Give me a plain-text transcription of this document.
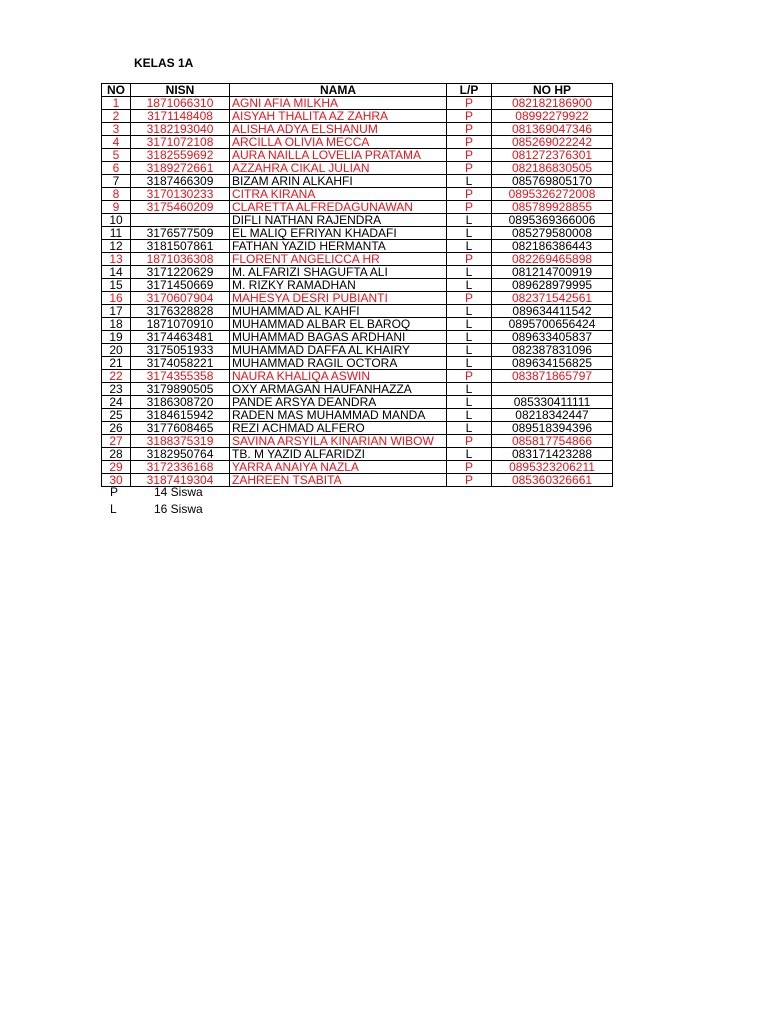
KELAS 1A
NO	NISN	NAMA	L/P	NO HP
1	1871066310	AGNI AFIA MILKHA	P	082182186900
2	3171148408	AISYAH THALITA AZ ZAHRA	P	08992279922
3	3182193040	ALISHA ADYA ELSHANUM	P	081369047346
4	3171072108	ARCILLA OLIVIA MECCA	P	085269022242
5	3182559692	AURA NAILLA LOVELIA PRATAMA	P	081272376301
6	3189272661	AZZAHRA CIKAL JULIAN	P	082186830505
7	3187466309	BIZAM ARIN ALKAHFI	L	085769805170
8	3170130233	CITRA KIRANA	P	0895326272008
9	3175460209	CLARETTA ALFREDAGUNAWAN	P	085789928855
10		DIFLI NATHAN RAJENDRA	L	0895369366006
11	3176577509	EL MALIQ EFRIYAN KHADAFI	L	085279580008
12	3181507861	FATHAN YAZID HERMANTA	L	082186386443
13	1871036308	FLORENT ANGELICCA HR	P	082269465898
14	3171220629	M. ALFARIZI SHAGUFTA ALI	L	081214700919
15	3171450669	M. RIZKY RAMADHAN	L	089628979995
16	3170607904	MAHESYA DESRI PUBIANTI	P	082371542561
17	3176328828	MUHAMMAD AL KAHFI	L	089634411542
18	1871070910	MUHAMMAD ALBAR EL BAROQ	L	0895700656424
19	3174463481	MUHAMMAD BAGAS ARDHANI	L	089633405837
20	3175051933	MUHAMMAD DAFFA AL KHAIRY	L	082387831096
21	3174058221	MUHAMMAD RAGIL OCTORA	L	089634156825
22	3174355358	NAURA KHALIQA ASWIN	P	083871865797
23	3179890505	OXY ARMAGAN HAUFANHAZZA	L	
24	3186308720	PANDE ARSYA DEANDRA	L	085330411111
25	3184615942	RADEN MAS MUHAMMAD MANDA	L	08218342447
26	3177608465	REZI ACHMAD ALFERO	L	089518394396
27	3188375319	SAVINA ARSYILA KINARIAN WIBOW	P	085817754866
28	3182950764	TB. M YAZID ALFARIDZI	L	083171423288
29	3172336168	YARRA ANAIYA NAZLA	P	0895323206211
30	3187419304	ZAHREEN TSABITA	P	085360326661
P	14 Siswa
L	16 Siswa
